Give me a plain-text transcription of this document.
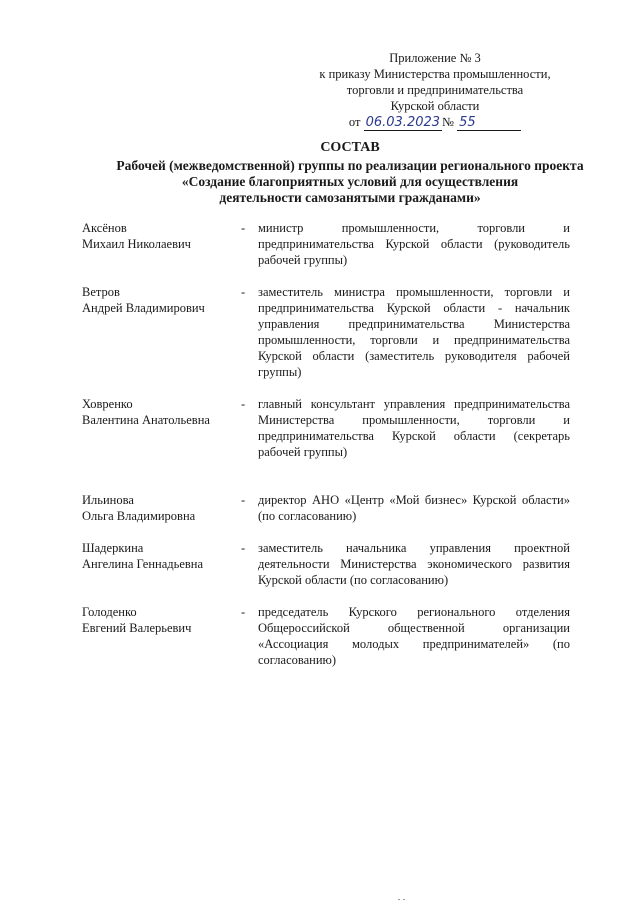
Приложение № 3
к приказу Министерства промышленности,
торговли и предпринимательства
Курской области
от 06.03.2023 № 55
СОСТАВ
Рабочей (межведомственной) группы по реализации регионального проекта
«Создание благоприятных условий для осуществления
деятельности самозанятыми гражданами»
Аксёнов
Михаил Николаевич
-	министр промышленности, торговли и предпринимательства Курской области (руководитель рабочей группы)
Ветров
Андрей Владимирович
-	заместитель министра промышленности, торговли и предпринимательства Курской области - начальник управления предпринимательства Министерства промышленности, торговли и предпринимательства Курской области (заместитель руководителя рабочей группы)
Ховренко
Валентина Анатольевна
-	главный консультант управления предпринимательства Министерства промышленности, торговли и предпринимательства Курской области (секретарь рабочей группы)
Ильинова
Ольга Владимировна
-	директор АНО «Центр «Мой бизнес» Курской области» (по согласованию)
Шадеркина
Ангелина Геннадьевна
-	заместитель начальника управления проектной деятельности Министерства экономического развития Курской области (по согласованию)
Голоденко
Евгений Валерьевич
-	председатель Курского регионального отделения Общероссийской общественной организации «Ассоциация молодых предпринимателей» (по согласованию)
